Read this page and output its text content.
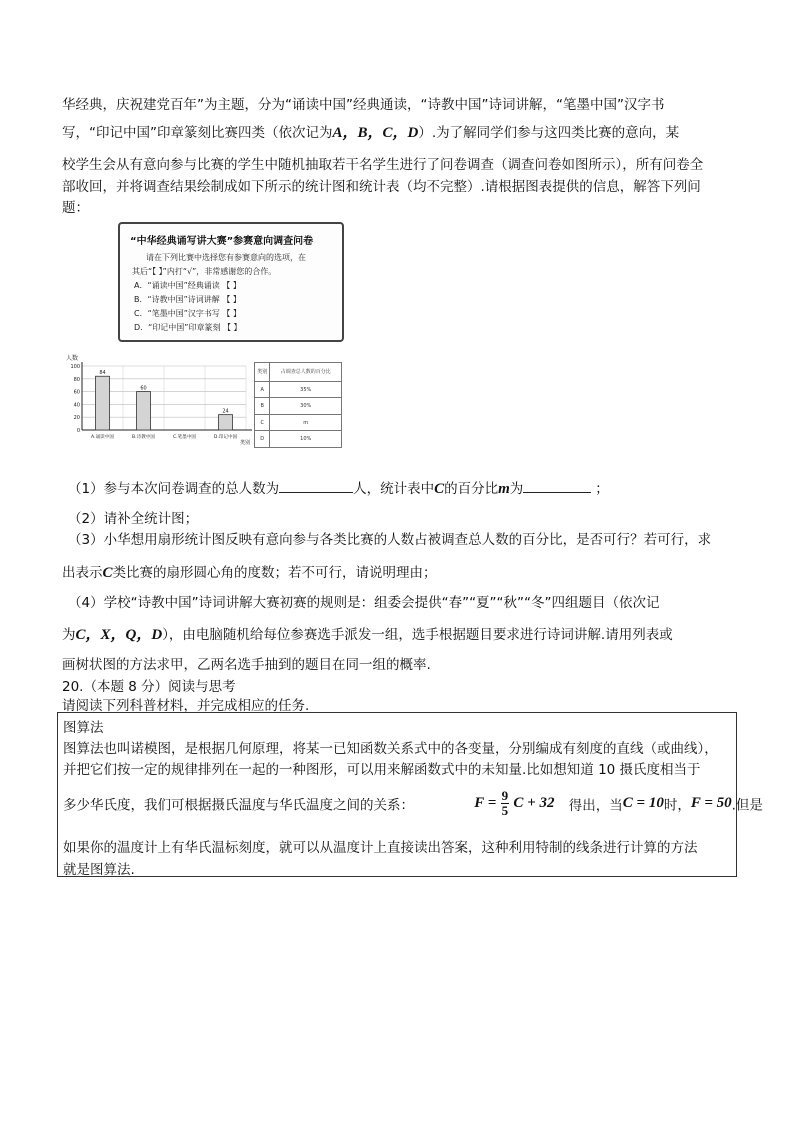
华经典，庆祝建党百年”为主题，分为“诵读中国”经典通读，“诗教中国”诗词讲解，“笔墨中国”汉字书
写，“印记中国”印章篆刻比赛四类（依次记为A，B，C，D）.为了解同学们参与这四类比赛的意向，某
校学生会从有意向参与比赛的学生中随机抽取若干名学生进行了问卷调查（调查问卷如图所示），所有问卷全
部收回，并将调查结果绘制成如下所示的统计图和统计表（均不完整）.请根据图表提供的信息，解答下列问
题：
“中华经典诵写讲大赛”参赛意向调查问卷
请在下列比赛中选择您有参赛意向的选项，在
其后“【 】”内打“√”，非常感谢您的合作。
A．“诵读中国”经典诵读 【 】
B．“诗教中国”诗词讲解 【 】
C．“笔墨中国”汉字书写 【 】
D．“印记中国”印章篆刻 【 】
人数
0
20
40
60
80
100
84
A.诵读中国
60
B.诗教中国	C.笔墨中国
24
D.印记中国
类别
类别	占调查总人数的百分比
A	35%
B	30%
C	m
D	10%
（1）参与本次问卷调查的总人数为	人，统计表中C的百分比m为	；
（2）请补全统计图；
（3）小华想用扇形统计图反映有意向参与各类比赛的人数占被调查总人数的百分比，是否可行？若可行，求
出表示C类比赛的扇形圆心角的度数；若不可行，请说明理由；
（4）学校“诗教中国”诗词讲解大赛初赛的规则是：组委会提供“春”“夏”“秋”“冬”四组题目（依次记
为C，X，Q，D），由电脑随机给每位参赛选手派发一组，选手根据题目要求进行诗词讲解.请用列表或
画树状图的方法求甲，乙两名选手抽到的题目在同一组的概率.
20.（本题 8 分）阅读与思考
请阅读下列科普材料，并完成相应的任务.
图算法
图算法也叫诺模图，是根据几何原理，将某一已知函数关系式中的各变量，分别编成有刻度的直线（或曲线），
并把它们按一定的规律排列在一起的一种图形，可以用来解函数式中的未知量.比如想知道 10 摄氏度相当于
多少华氏度，我们可根据摄氏温度与华氏温度之间的关系：	$F = \frac{9}{5}$ C + 32 得出，当C = 10时，F = 50.但是
如果你的温度计上有华氏温标刻度，就可以从温度计上直接读出答案，这种利用特制的线条进行计算的方法
就是图算法.
